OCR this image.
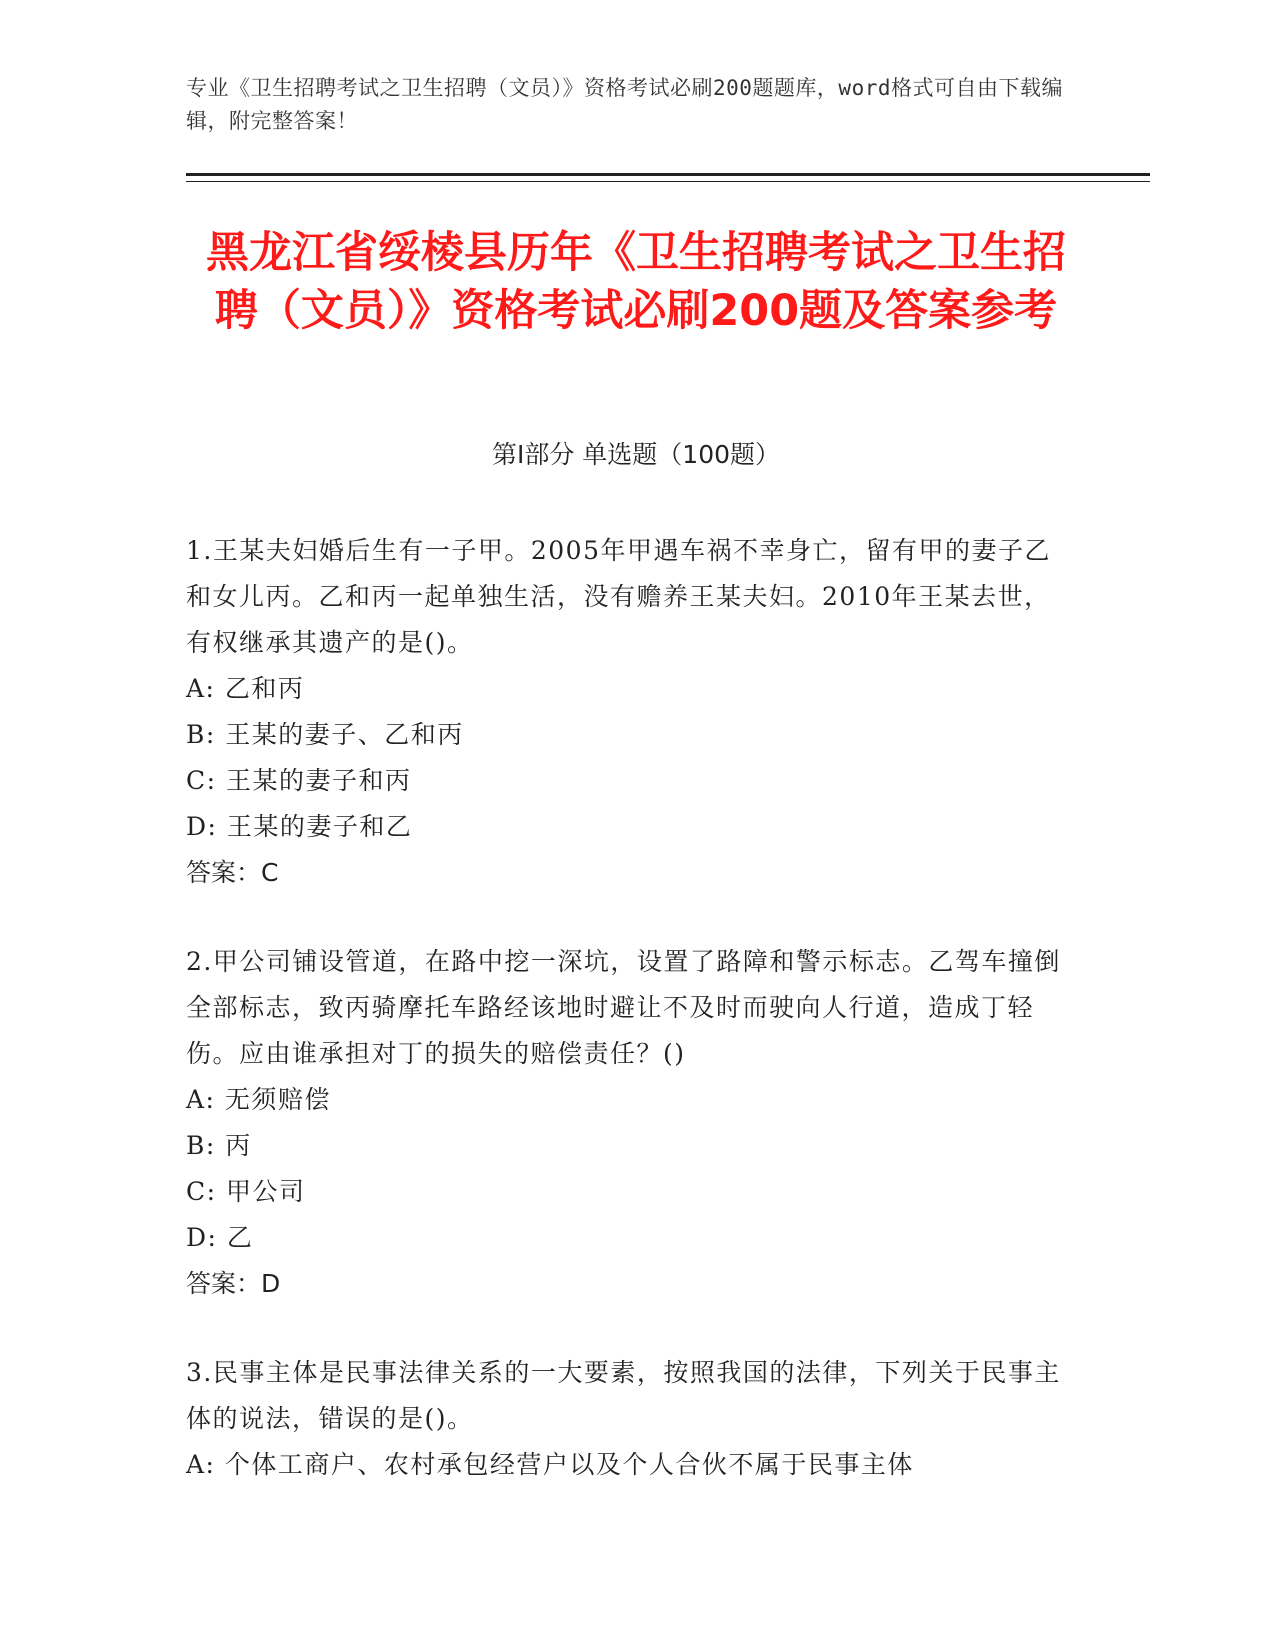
专业《卫生招聘考试之卫生招聘（文员）》资格考试必刷200题题库，word格式可自由下载编辑，附完整答案！
黑龙江省绥棱县历年《卫生招聘考试之卫生招聘（文员）》资格考试必刷200题及答案参考
第Ⅰ部分 单选题（100题）
1.王某夫妇婚后生有一子甲。2005年甲遇车祸不幸身亡，留有甲的妻子乙和女儿丙。乙和丙一起单独生活，没有赡养王某夫妇。2010年王某去世，有权继承其遗产的是()。
A: 乙和丙
B: 王某的妻子、乙和丙
C: 王某的妻子和丙
D: 王某的妻子和乙
答案：C
2.甲公司铺设管道，在路中挖一深坑，设置了路障和警示标志。乙驾车撞倒全部标志，致丙骑摩托车路经该地时避让不及时而驶向人行道，造成丁轻伤。应由谁承担对丁的损失的赔偿责任？()
A: 无须赔偿
B: 丙
C: 甲公司
D: 乙
答案：D
3.民事主体是民事法律关系的一大要素，按照我国的法律，下列关于民事主体的说法，错误的是()。
A: 个体工商户、农村承包经营户以及个人合伙不属于民事主体
